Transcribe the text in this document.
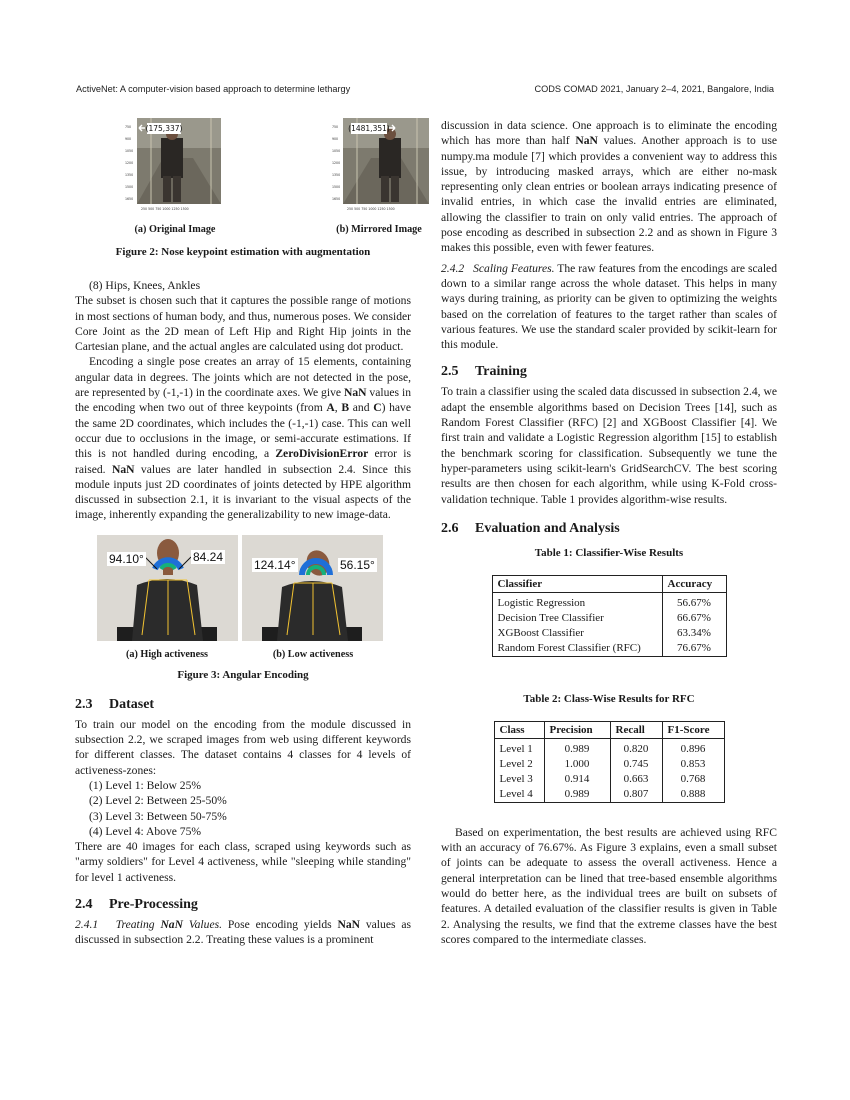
ActiveNet: A computer-vision based approach to determine lethargy	CODS COMAD 2021, January 2–4, 2021, Bangalore, India
750
900
1050
1200
1350
1500
1650
250 500 750 1000 1250 1500
(175,337)	750
900
1050
1200
1350
1500
1650
250 500 750 1000 1250 1500
(1481,351)
(a) Original Image	(b) Mirrored Image
Figure 2: Nose keypoint estimation with augmentation

(8) Hips, Knees, Ankles

The subset is chosen such that it captures the possible range of motions in most sections of human body, and thus, numerous poses. We consider Core Joint as the 2D mean of Left Hip and Right Hip joints in the Cartesian plane, and the actual angles are calculated using dot product.

Encoding a single pose creates an array of 15 elements, containing angular data in degrees. The joints which are not detected in the pose, are represented by (-1,-1) in the coordinate axes. We give NaN values in the encoding when two out of three keypoints (from A, B and C) have the same 2D coordinates, which includes the (-1,-1) case. This can well occur due to occlusions in the image, or semi-accurate estimations. If this is not handled during encoding, a ZeroDivisionError error is raised. NaN values are later handled in subsection 2.4. Since this module inputs just 2D coordinates of joints detected by HPE algorithm discussed in subsection 2.1, it is invariant to the visual aspects of the image, inherently expanding the generalizability to new image-data.

94.10°	84.24
124.14°	56.15°
(a) High activeness	(b) Low activeness
Figure 3: Angular Encoding
2.3 Dataset

To train our model on the encoding from the module discussed in subsection 2.2, we scraped images from web using different keywords for different classes. The dataset contains 4 classes for 4 levels of activeness-zones:

(1) Level 1: Below 25%
(2) Level 2: Between 25-50%
(3) Level 3: Between 50-75%
(4) Level 4: Above 75%

There are 40 images for each class, scraped using keywords such as "army soldiers" for Level 4 activeness, while "sleeping while standing" for level 1 activeness.

2.4 Pre-Processing

2.4.1 Treating NaN Values. Pose encoding yields NaN values as discussed in subsection 2.2. Treating these values is a prominent

discussion in data science. One approach is to eliminate the encoding which has more than half NaN values. Another approach is to use numpy.ma module [7] which provides a convenient way to address this issue, by introducing masked arrays, which are either no-mask representing only clean entries or boolean arrays indicating presence of invalid entries, in which case the invalid entries are eliminated, allowing the classifier to train on only valid entries. The approach of pose encoding as described in subsection 2.2 and as shown in Figure 3 makes this possible, even with fewer features.

2.4.2 Scaling Features. The raw features from the encodings are scaled down to a similar range across the whole dataset. This helps in many ways during training, as priority can be given to optimizing the weights based on the correlation of features to the target rather than scales of various features. We use the standard scaler provided by scikit-learn for this module.

2.5 Training

To train a classifier using the scaled data discussed in subsection 2.4, we adapt the ensemble algorithms based on Decision Trees [14], such as Random Forest Classifier (RFC) [2] and XGBoost Classifier [4]. We first train and validate a Logistic Regression algorithm [15] to establish the benchmark scoring for classification. Subsequently we tune the hyper-parameters using scikit-learn's GridSearchCV. The best scoring results are then chosen for each algorithm, while using K-Fold cross-validation technique. Table 1 provides algorithm-wise results.

2.6 Evaluation and Analysis
Table 1: Classifier-Wise Results
Classifier	Accuracy
Logistic Regression	56.67%
Decision Tree Classifier	66.67%
XGBoost Classifier	63.34%
Random Forest Classifier (RFC)	76.67%
Table 2: Class-Wise Results for RFC
Class	Precision	Recall	F1-Score
Level 1	0.989	0.820	0.896
Level 2	1.000	0.745	0.853
Level 3	0.914	0.663	0.768
Level 4	0.989	0.807	0.888

Based on experimentation, the best results are achieved using RFC with an accuracy of 76.67%. As Figure 3 explains, even a small subset of joints can be adequate to assess the overall activeness. Hence a general interpretation can be lined that tree-based ensemble algorithms would do better here, as the individual trees are built on subsets of features. A detailed evaluation of the classifier results is given in Table 2. Analysing the results, we find that the extreme classes have the best scores compared to the intermediate classes.
